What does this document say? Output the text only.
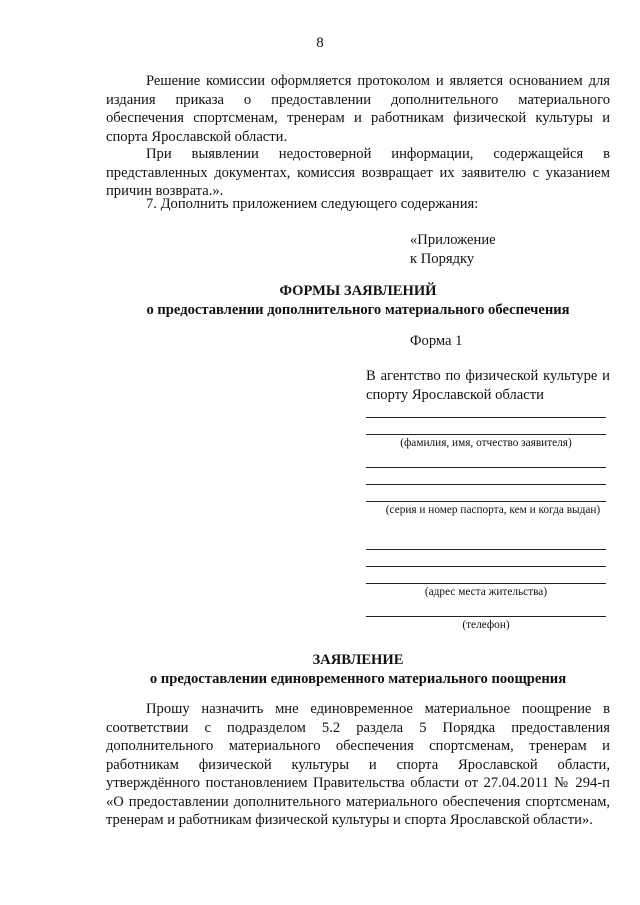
8

Решение комиссии оформляется протоколом и является основанием для издания приказа о предоставлении дополнительного материального обеспечения спортсменам, тренерам и работникам физической культуры и спорта Ярославской области.

При выявлении недостоверной информации, содержащейся в представленных документах, комиссия возвращает их заявителю с указанием причин возврата.».

7. Дополнить приложением следующего содержания:

«Приложение
к Порядку
ФОРМЫ ЗАЯВЛЕНИЙ
о предоставлении дополнительного материального обеспечения
Форма 1
В агентство по физической культуре и спорту Ярославской области
(фамилия, имя, отчество заявителя)
(серия и номер паспорта, кем и когда выдан)
(адрес места жительства)
(телефон)
ЗАЯВЛЕНИЕ
о предоставлении единовременного материального поощрения

Прошу назначить мне единовременное материальное поощрение в соответствии с подразделом 5.2 раздела 5 Порядка предоставления дополнительного материального обеспечения спортсменам, тренерам и работникам физической культуры и спорта Ярославской области, утверждённого постановлением Правительства области от 27.04.2011 № 294-п «О предоставлении дополнительного материального обеспечения спортсменам, тренерам и работникам физической культуры и спорта Ярославской области».
